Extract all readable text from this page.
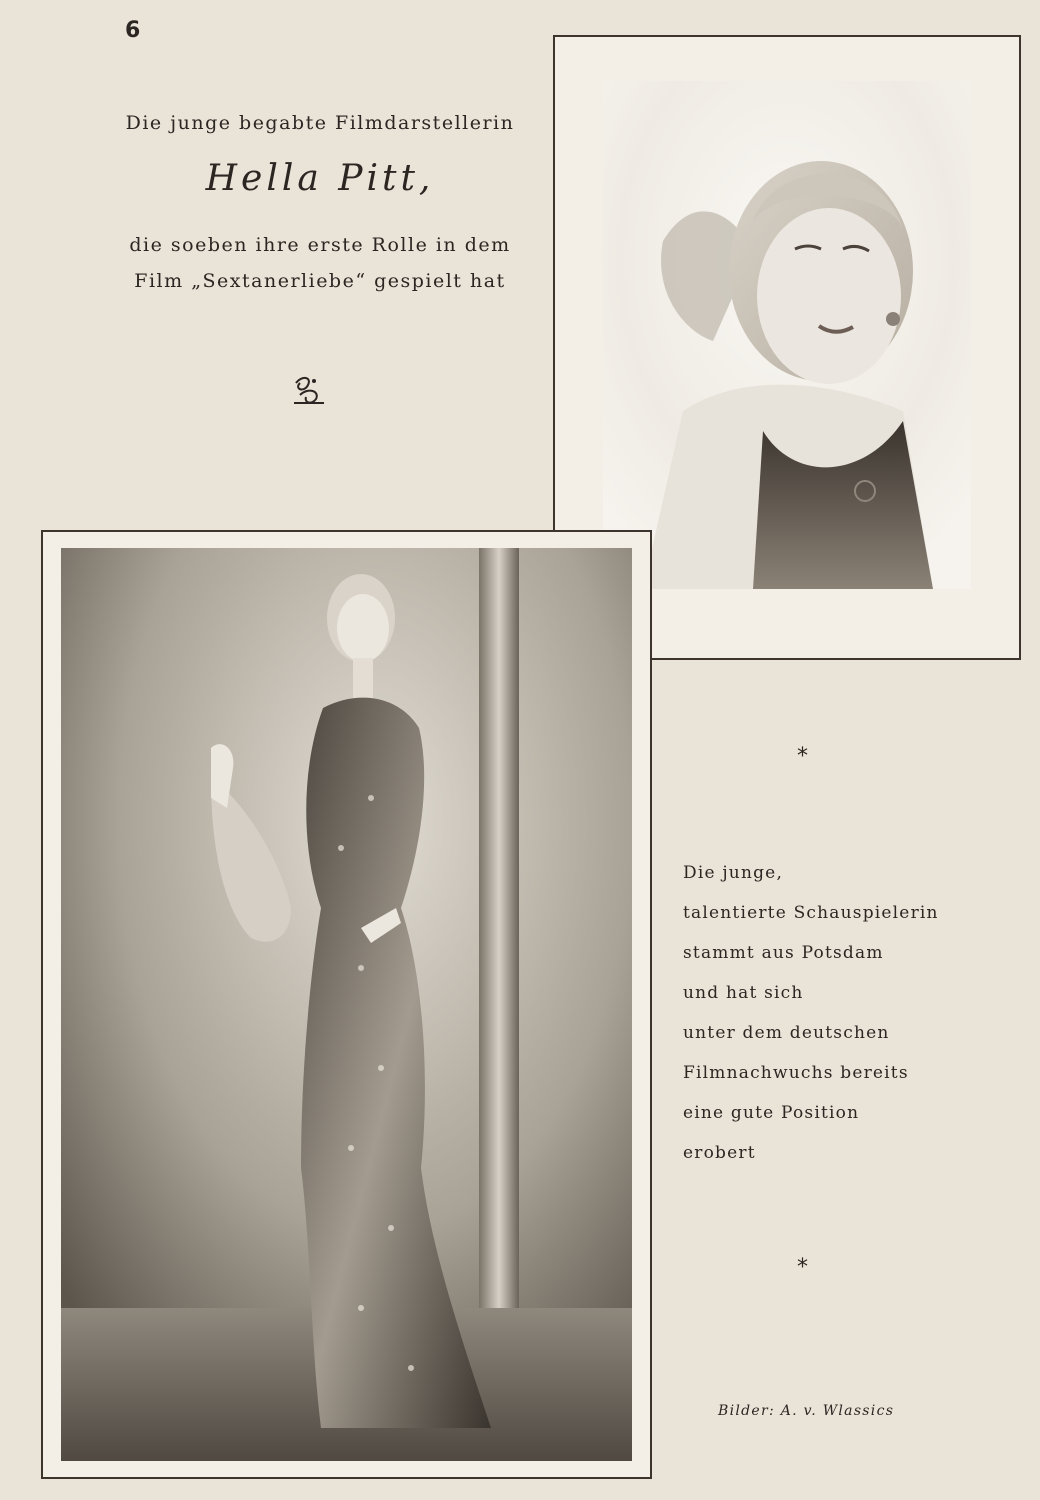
6
Die junge begabte Filmdarstellerin
Hella Pitt,
die soeben ihre erste Rolle in dem
Film „Sextanerliebe“ gespielt hat
*
Die junge,
talentierte Schauspielerin
stammt aus Potsdam
und hat sich
unter dem deutschen
Filmnachwuchs bereits
eine gute Position
erobert
*
Bilder: A. v. Wlassics
